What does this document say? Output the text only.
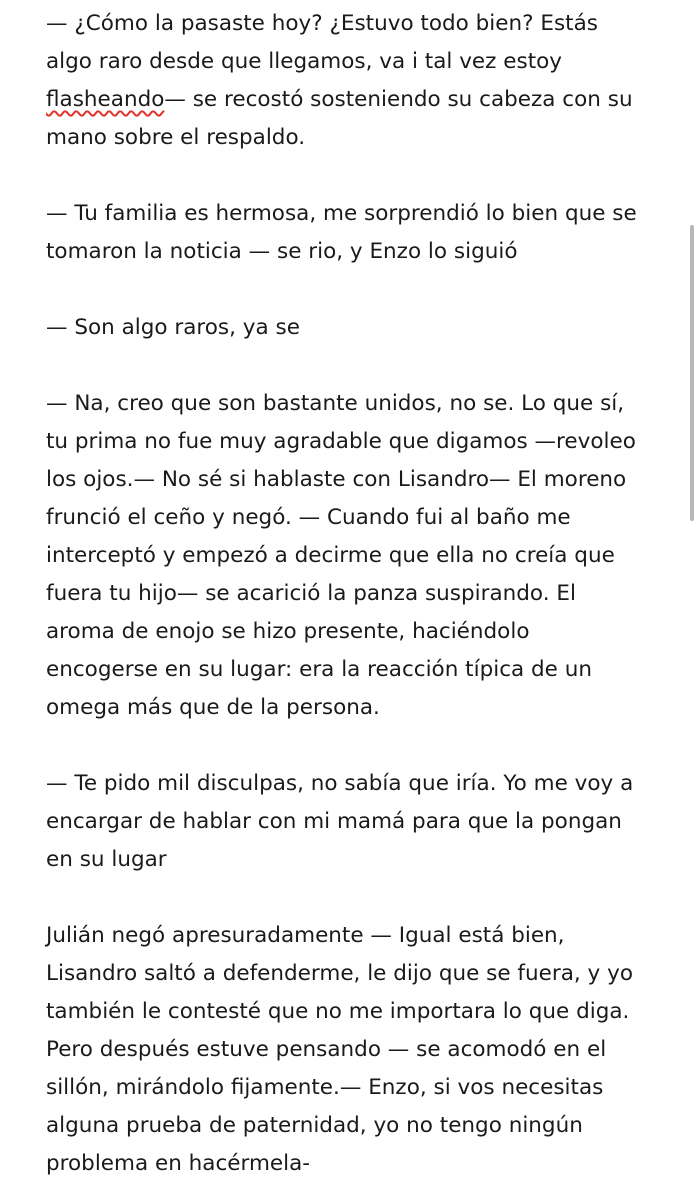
— ¿Cómo la pasaste hoy? ¿Estuvo todo bien? Estás
algo raro desde que llegamos, va i tal vez estoy
flasheando— se recostó sosteniendo su cabeza con su
mano sobre el respaldo.
— Tu familia es hermosa, me sorprendió lo bien que se
tomaron la noticia — se rio, y Enzo lo siguió
— Son algo raros, ya se
— Na, creo que son bastante unidos, no se. Lo que sí,
tu prima no fue muy agradable que digamos —revoleo
los ojos.— No sé si hablaste con Lisandro— El moreno
frunció el ceño y negó. — Cuando fui al baño me
interceptó y empezó a decirme que ella no creía que
fuera tu hijo— se acarició la panza suspirando. El
aroma de enojo se hizo presente, haciéndolo
encogerse en su lugar: era la reacción típica de un
omega más que de la persona.
— Te pido mil disculpas, no sabía que iría. Yo me voy a
encargar de hablar con mi mamá para que la pongan
en su lugar
Julián negó apresuradamente — Igual está bien,
Lisandro saltó a defenderme, le dijo que se fuera, y yo
también le contesté que no me importara lo que diga.
Pero después estuve pensando — se acomodó en el
sillón, mirándolo fijamente.— Enzo, si vos necesitas
alguna prueba de paternidad, yo no tengo ningún
problema en hacérmela-
